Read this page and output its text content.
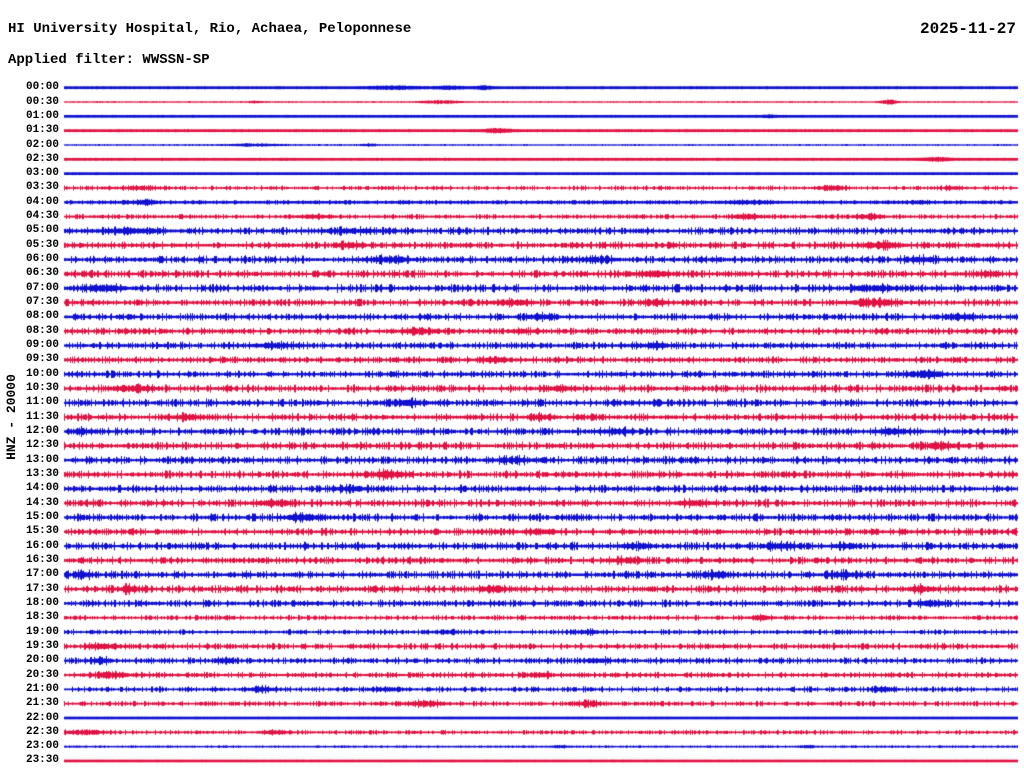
HI University Hospital, Rio, Achaea, Peloponnese	2025-11-27
Applied filter: WWSSN-SP
HNZ - 20000
00:00
00:30
01:00
01:30
02:00
02:30
03:00
03:30
04:00
04:30
05:00
05:30
06:00
06:30
07:00
07:30
08:00
08:30
09:00
09:30
10:00
10:30
11:00
11:30
12:00
12:30
13:00
13:30
14:00
14:30
15:00
15:30
16:00
16:30
17:00
17:30
18:00
18:30
19:00
19:30
20:00
20:30
21:00
21:30
22:00
22:30
23:00
23:30
